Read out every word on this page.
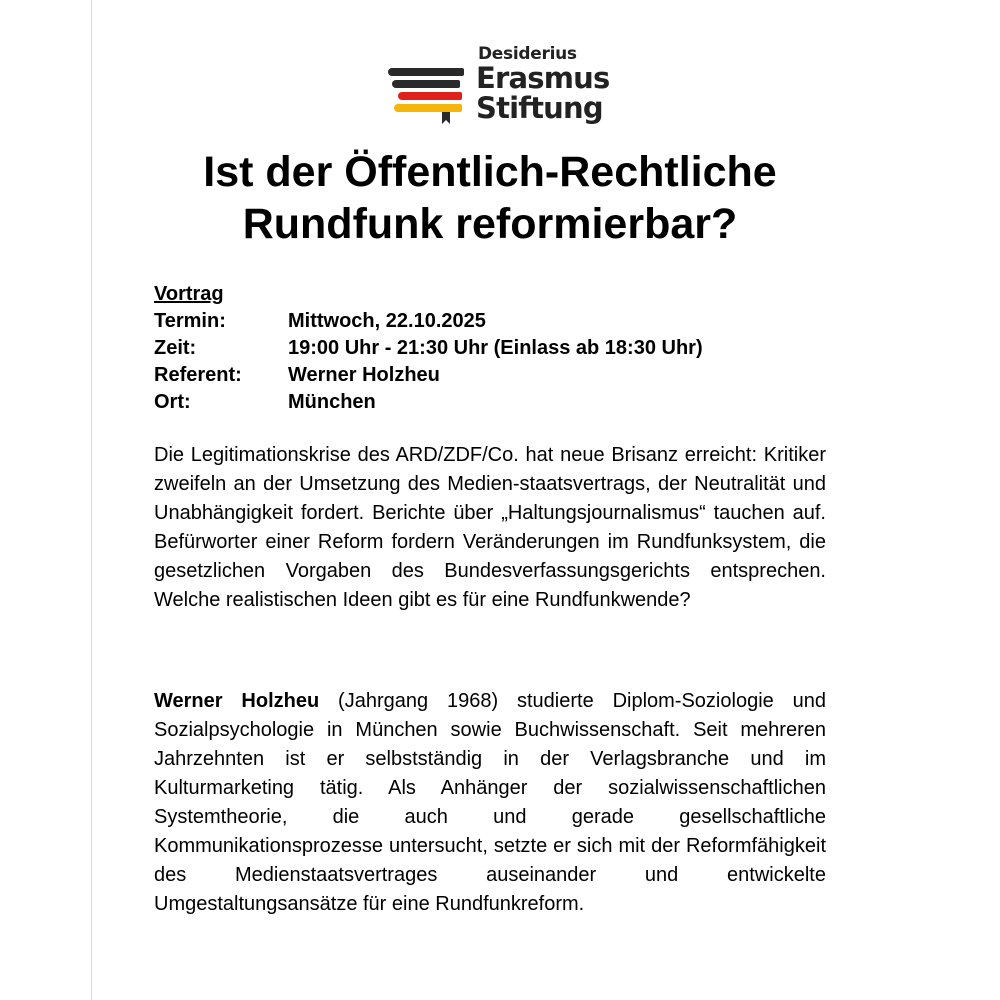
Desiderius
Erasmus
Stiftung
Ist der Öffentlich-Rechtliche
Rundfunk reformierbar?
Vortrag
Termin:	Mittwoch, 22.10.2025
Zeit:	19:00 Uhr - 21:30 Uhr (Einlass ab 18:30 Uhr)
Referent:	Werner Holzheu
Ort:	München

Die Legitimationskrise des ARD/ZDF/Co. hat neue Brisanz erreicht: Kritiker zweifeln an der Umsetzung des Medien-staatsvertrags, der Neutralität und Unabhängigkeit fordert. Berichte über „Haltungsjournalismus“ tauchen auf. Befürworter einer Reform fordern Veränderungen im Rundfunksystem, die gesetzlichen Vorgaben des Bundesverfassungsgerichts entsprechen. Welche realistischen Ideen gibt es für eine Rundfunkwende?

Werner Holzheu (Jahrgang 1968) studierte Diplom-Soziologie und Sozialpsychologie in München sowie Buchwissenschaft. Seit mehreren Jahrzehnten ist er selbstständig in der Verlagsbranche und im Kulturmarketing tätig. Als Anhänger der sozialwissenschaftlichen Systemtheorie, die auch und gerade gesellschaftliche Kommunikationsprozesse untersucht, setzte er sich mit der Reformfähigkeit des Medienstaatsvertrages auseinander und entwickelte Umgestaltungsansätze für eine Rundfunkreform.
